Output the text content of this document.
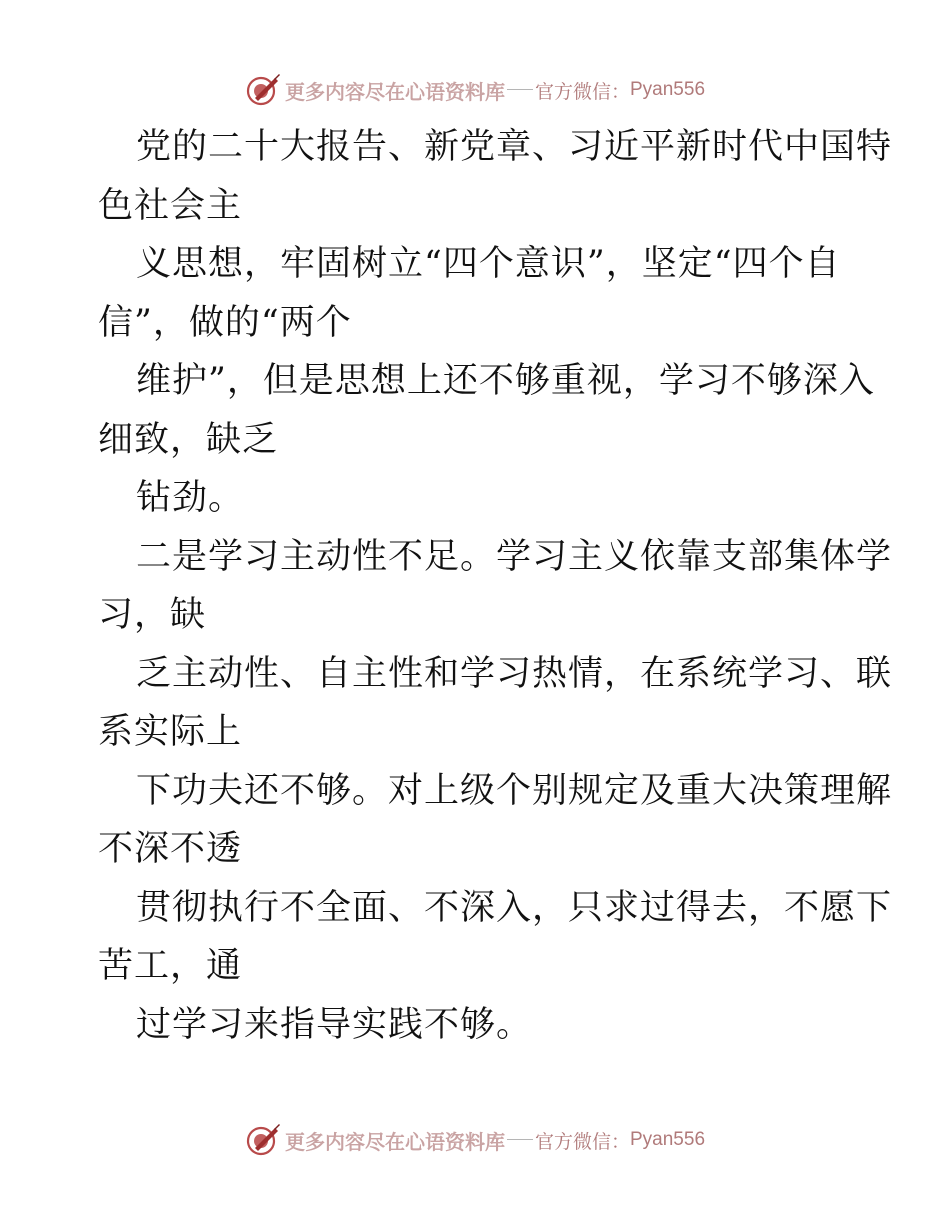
更多内容尽在心语资料库 官方微信： Pyan556
党的二十大报告、新党章、习近平新时代中国特
色社会主
义思想，牢固树立“四个意识”，坚定“四个自
信”，做的“两个
维护”，但是思想上还不够重视，学习不够深入
细致，缺乏
钻劲。
二是学习主动性不足。学习主义依靠支部集体学
习，缺
乏主动性、自主性和学习热情，在系统学习、联
系实际上
下功夫还不够。对上级个别规定及重大决策理解
不深不透
贯彻执行不全面、不深入，只求过得去，不愿下
苦工，通
过学习来指导实践不够。
更多内容尽在心语资料库 官方微信： Pyan556
